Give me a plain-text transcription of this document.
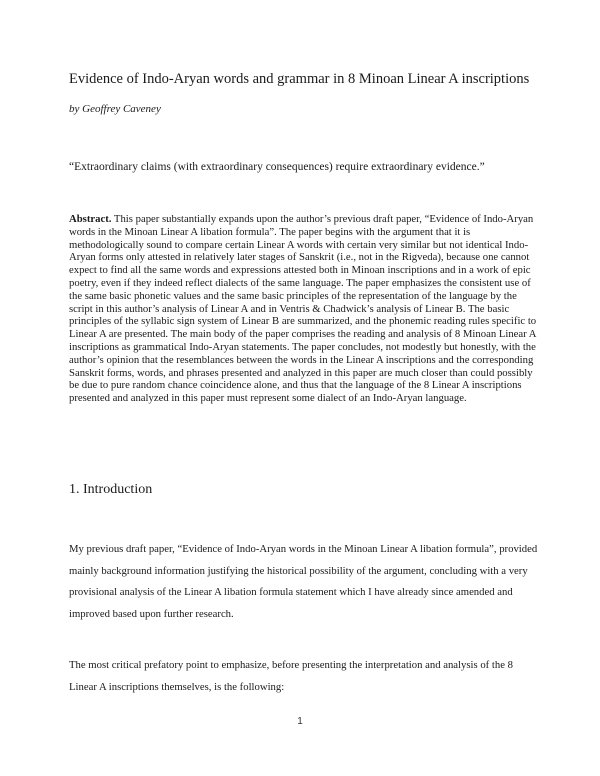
Evidence of Indo-Aryan words and grammar in 8 Minoan Linear A inscriptions
by Geoffrey Caveney
“Extraordinary claims (with extraordinary consequences) require extraordinary evidence.”
Abstract. This paper substantially expands upon the author’s previous draft paper, “Evidence of Indo-Aryan words in the Minoan Linear A libation formula”. The paper begins with the argument that it is methodologically sound to compare certain Linear A words with certain very similar but not identical Indo-Aryan forms only attested in relatively later stages of Sanskrit (i.e., not in the Rigveda), because one cannot expect to find all the same words and expressions attested both in Minoan inscriptions and in a work of epic poetry, even if they indeed reflect dialects of the same language. The paper emphasizes the consistent use of the same basic phonetic values and the same basic principles of the representation of the language by the script in this author’s analysis of Linear A and in Ventris & Chadwick’s analysis of Linear B. The basic principles of the syllabic sign system of Linear B are summarized, and the phonemic reading rules specific to Linear A are presented. The main body of the paper comprises the reading and analysis of 8 Minoan Linear A inscriptions as grammatical Indo-Aryan statements. The paper concludes, not modestly but honestly, with the author’s opinion that the resemblances between the words in the Linear A inscriptions and the corresponding Sanskrit forms, words, and phrases presented and analyzed in this paper are much closer than could possibly be due to pure random chance coincidence alone, and thus that the language of the 8 Linear A inscriptions presented and analyzed in this paper must represent some dialect of an Indo-Aryan language.
1. Introduction
My previous draft paper, “Evidence of Indo-Aryan words in the Minoan Linear A libation formula”, provided mainly background information justifying the historical possibility of the argument, concluding with a very provisional analysis of the Linear A libation formula statement which I have already since amended and improved based upon further research.
The most critical prefatory point to emphasize, before presenting the interpretation and analysis of the 8 Linear A inscriptions themselves, is the following:
1
